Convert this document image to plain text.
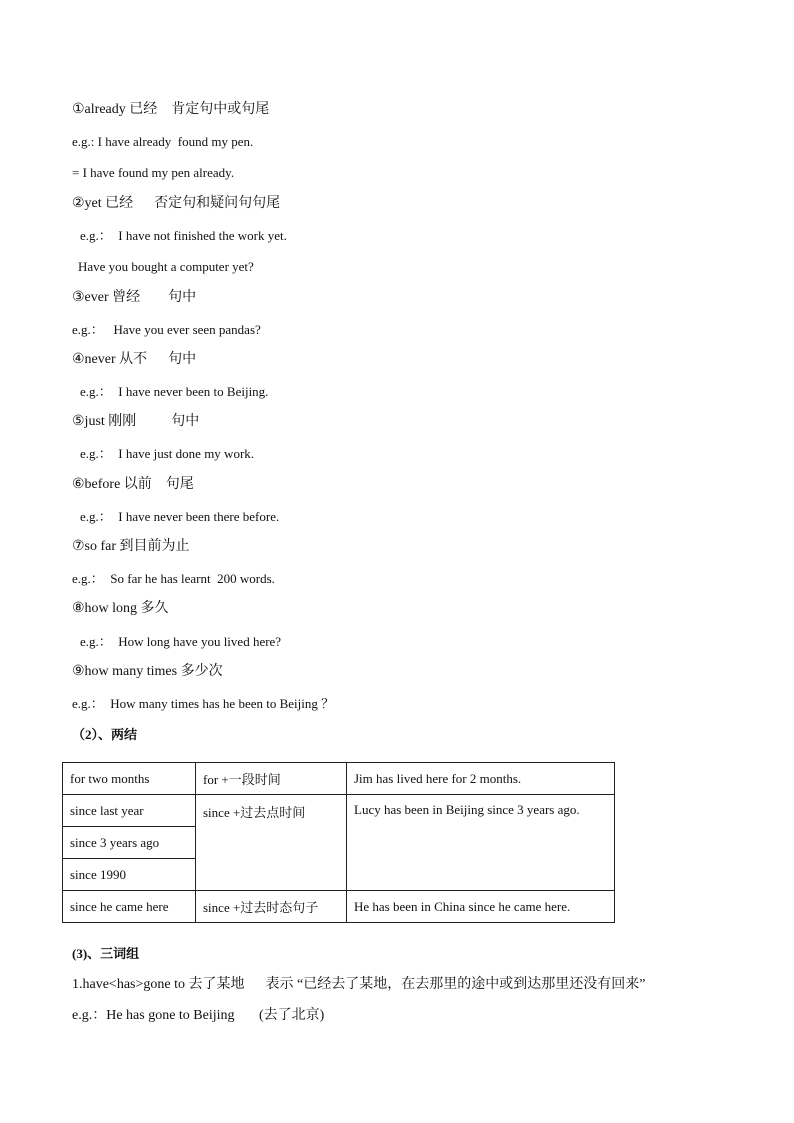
①already 已经    肯定句中或句尾
e.g.: I have already  found my pen.
= I have found my pen already.
②yet 已经      否定句和疑问句句尾
e.g.：  I have not finished the work yet.
Have you bought a computer yet?
③ever 曾经        句中
e.g.：   Have you ever seen pandas?
④never 从不      句中
e.g.：  I have never been to Beijing.
⑤just 刚刚          句中
e.g.：  I have just done my work.
⑥before 以前    句尾
e.g.：  I have never been there before.
⑦so far 到目前为止
e.g.：  So far he has learnt  200 words.
⑧how long 多久
e.g.：  How long have you lived here?
⑨how many times 多少次
e.g.：  How many times has he been to Beijing ？
（2）、两结
for two months	for +一段时间	Jim has lived here for 2 months.
since last year	since +过去点时间	Lucy has been in Beijing since 3 years ago.
since 3 years ago		
since 1990		
since he came here	since +过去时态句子	He has been in China since he came here.
(3)、三词组
1.have<has>gone to 去了某地      表示 “已经去了某地，在去那里的途中或到达那里还没有回来”
e.g.：He has gone to Beijing       (去了北京)
